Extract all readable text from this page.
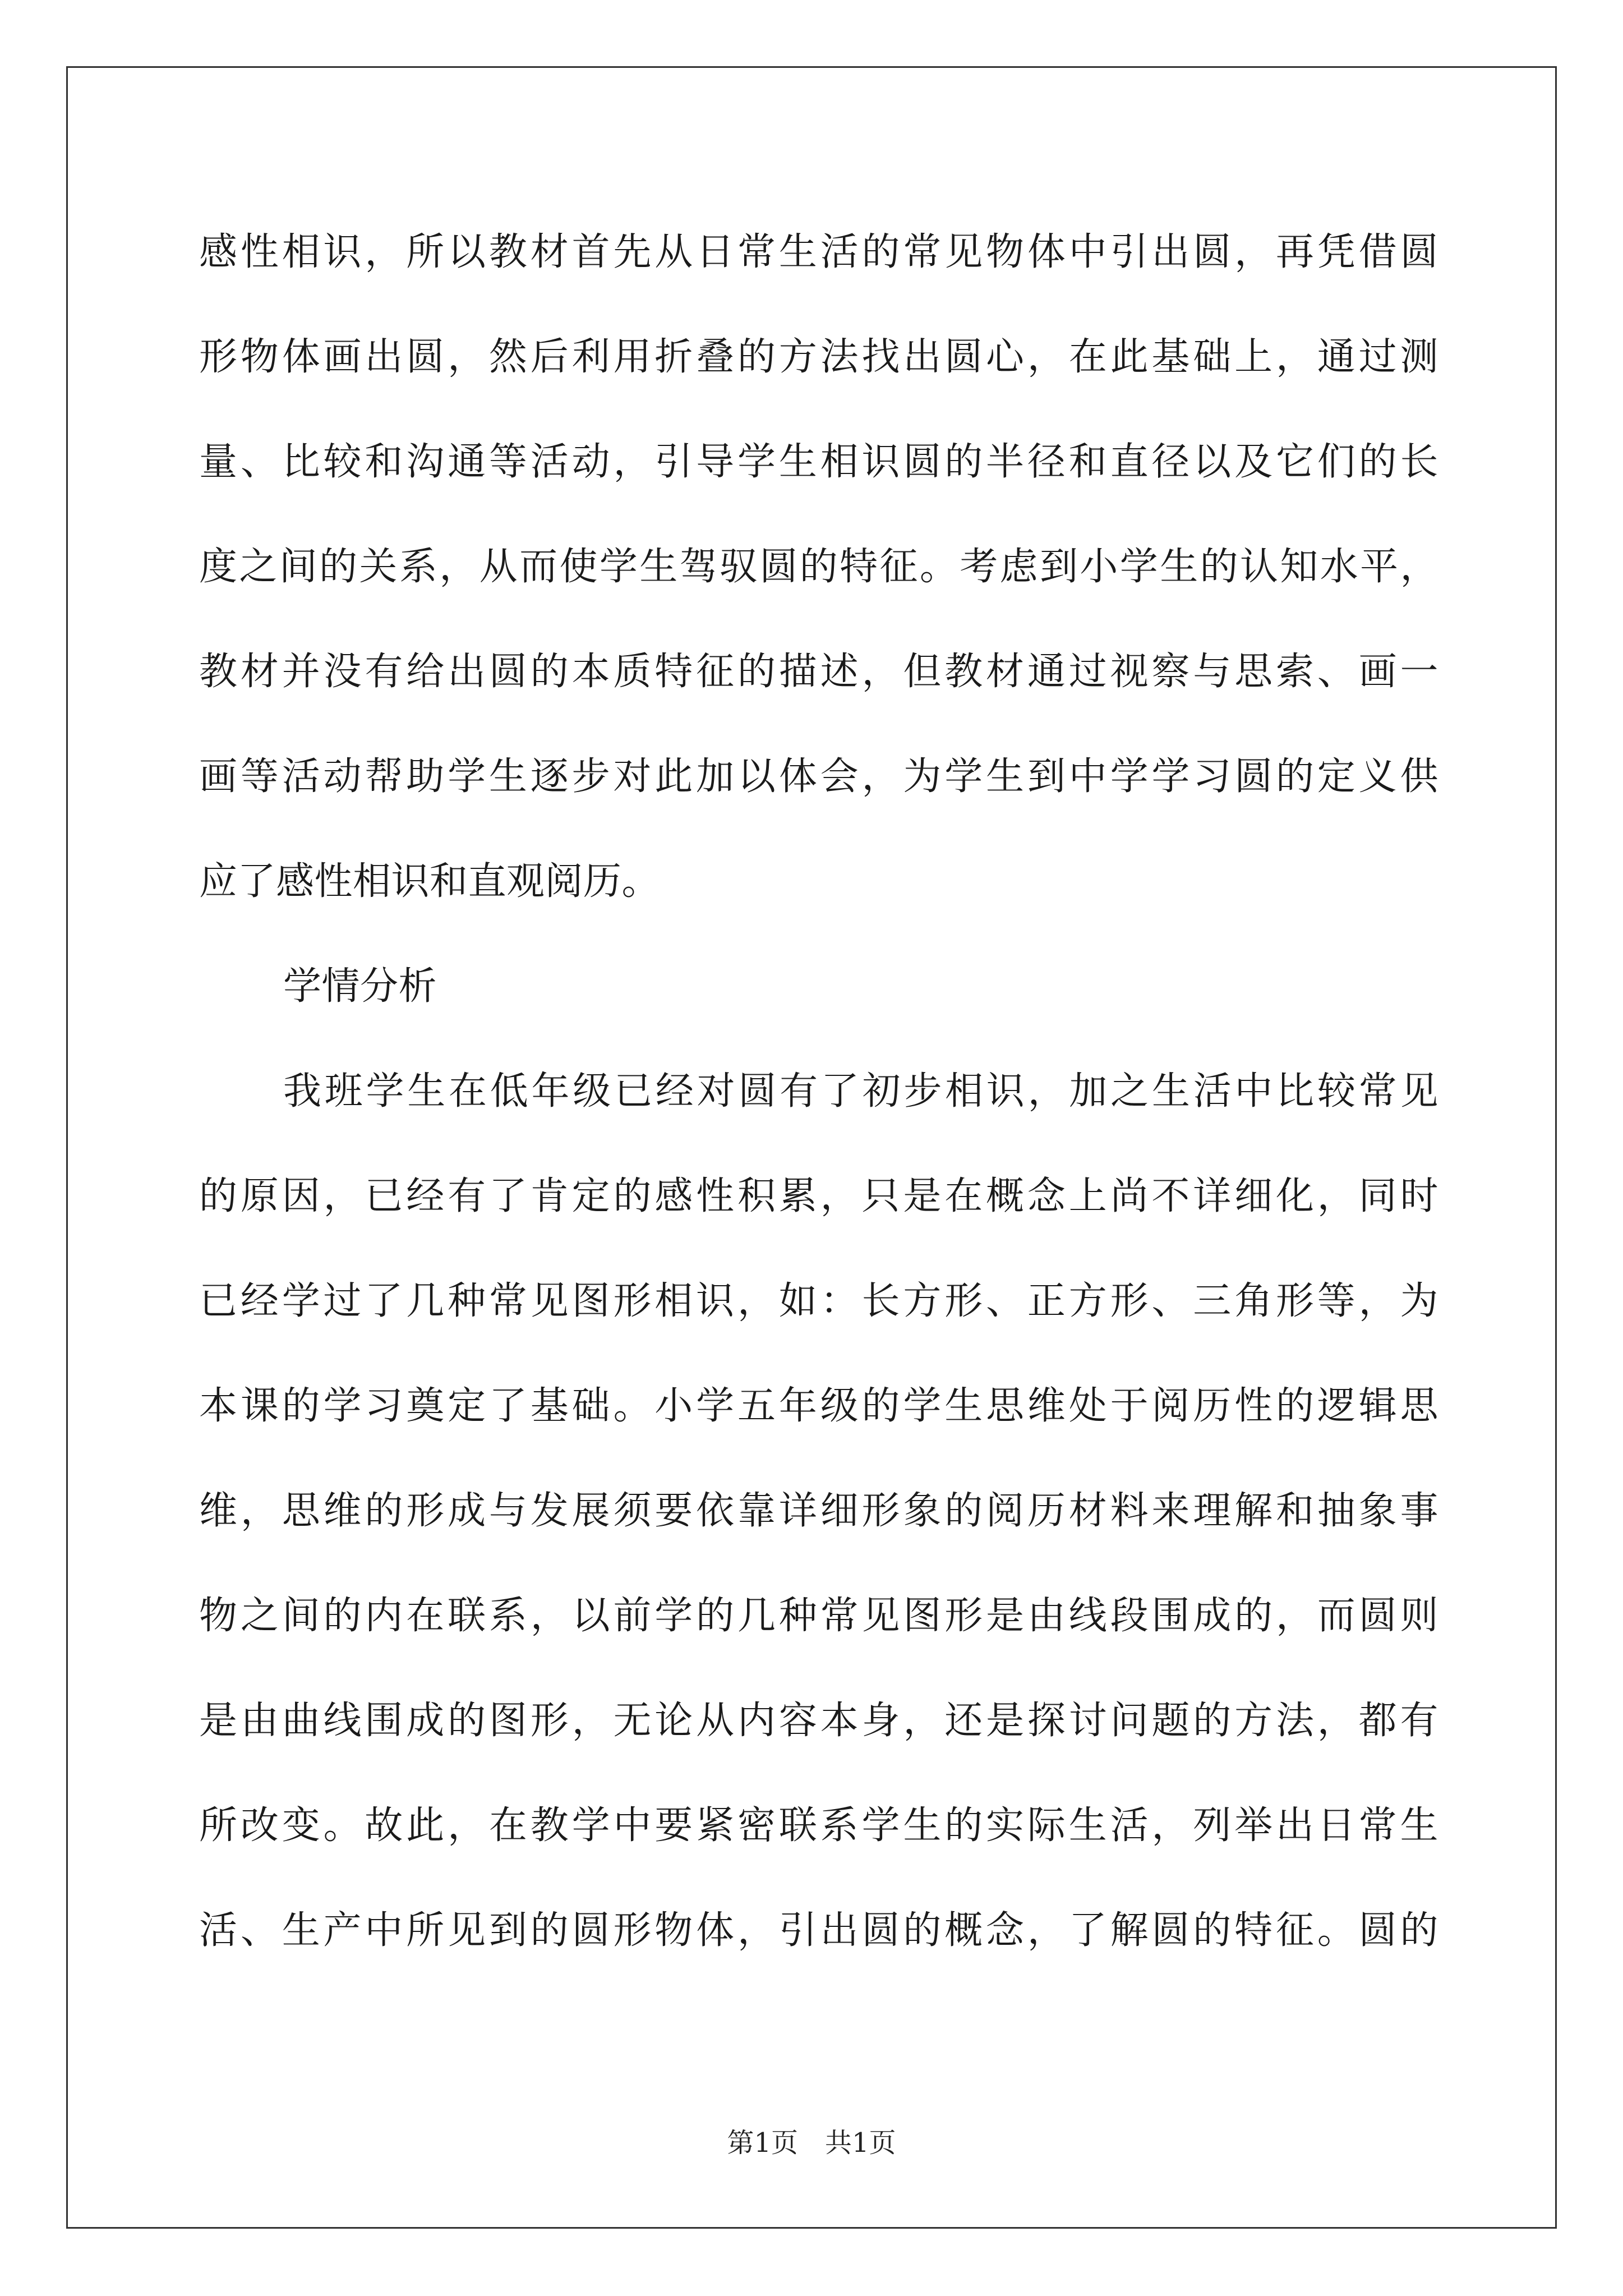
感性相识，所以教材首先从日常生活的常见物体中引出圆，再凭借圆
形物体画出圆，然后利用折叠的方法找出圆心，在此基础上，通过测
量、比较和沟通等活动，引导学生相识圆的半径和直径以及它们的长
度之间的关系，从而使学生驾驭圆的特征。考虑到小学生的认知水平，
教材并没有给出圆的本质特征的描述，但教材通过视察与思索、画一
画等活动帮助学生逐步对此加以体会，为学生到中学学习圆的定义供
应了感性相识和直观阅历。
学情分析
我班学生在低年级已经对圆有了初步相识，加之生活中比较常见
的原因，已经有了肯定的感性积累，只是在概念上尚不详细化，同时
已经学过了几种常见图形相识，如：长方形、正方形、三角形等，为
本课的学习奠定了基础。小学五年级的学生思维处于阅历性的逻辑思
维，思维的形成与发展须要依靠详细形象的阅历材料来理解和抽象事
物之间的内在联系，以前学的几种常见图形是由线段围成的，而圆则
是由曲线围成的图形，无论从内容本身，还是探讨问题的方法，都有
所改变。故此，在教学中要紧密联系学生的实际生活，列举出日常生
活、生产中所见到的圆形物体，引出圆的概念，了解圆的特征。圆的
第1页　共1页
